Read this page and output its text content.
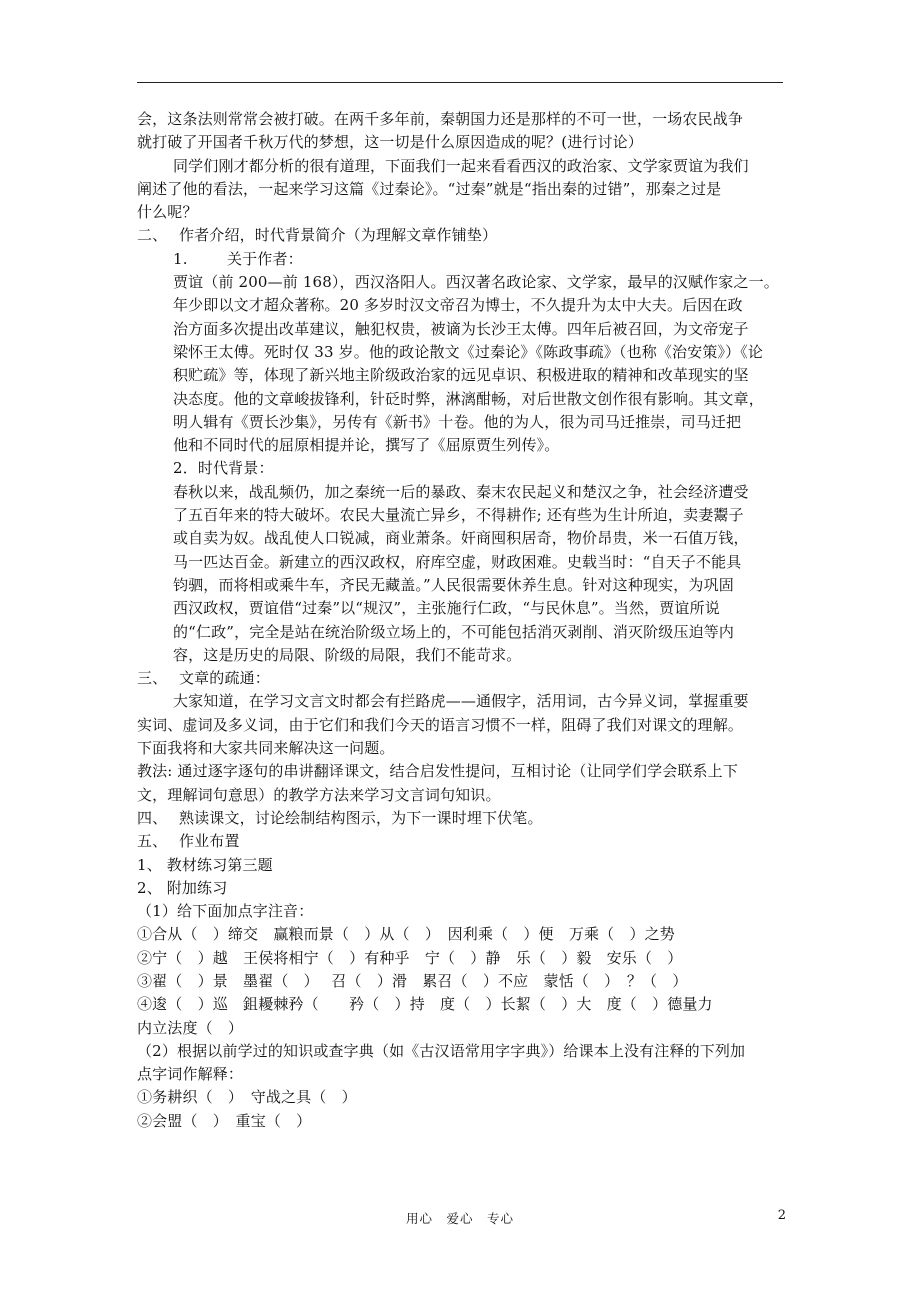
会，这条法则常常会被打破。在两千多年前，秦朝国力还是那样的不可一世，一场农民战争
就打破了开国者千秋万代的梦想，这一切是什么原因造成的呢？(进行讨论）
同学们刚才都分析的很有道理，下面我们一起来看看西汉的政治家、文学家贾谊为我们
阐述了他的看法，一起来学习这篇《过秦论》。“过秦”就是“指出秦的过错”，那秦之过是
什么呢？
二、 作者介绍，时代背景简介（为理解文章作铺垫）
1.	关于作者：
贾谊（前 200—前 168），西汉洛阳人。西汉著名政论家、文学家，最早的汉赋作家之一。
年少即以文才超众著称。20 多岁时汉文帝召为博士，不久提升为太中大夫。后因在政
治方面多次提出改革建议，触犯权贵，被谪为长沙王太傅。四年后被召回，为文帝宠子
梁怀王太傅。死时仅 33 岁。他的政论散文《过秦论》《陈政事疏》（也称《治安策》）《论
积贮疏》等，体现了新兴地主阶级政治家的远见卓识、积极进取的精神和改革现实的坚
决态度。他的文章峻拔锋利，针砭时弊，淋漓酣畅，对后世散文创作很有影响。其文章，
明人辑有《贾长沙集》，另传有《新书》十卷。他的为人，很为司马迁推崇，司马迁把
他和不同时代的屈原相提并论，撰写了《屈原贾生列传》。
2．时代背景：
春秋以来，战乱频仍，加之秦统一后的暴政、秦末农民起义和楚汉之争，社会经济遭受
了五百年来的特大破坏。农民大量流亡异乡，不得耕作; 还有些为生计所迫，卖妻鬻子
或自卖为奴。战乱使人口锐减，商业萧条。奸商囤积居奇，物价昂贵，米一石值万钱，
马一匹达百金。新建立的西汉政权，府库空虚，财政困难。史载当时：“自天子不能具
钧驷，而将相或乘牛车，齐民无藏盖。”人民很需要休养生息。针对这种现实，为巩固
西汉政权，贾谊借“过秦”以“规汉”，主张施行仁政，“与民休息”。当然，贾谊所说
的“仁政”，完全是站在统治阶级立场上的，不可能包括消灭剥削、消灭阶级压迫等内
容，这是历史的局限、阶级的局限，我们不能苛求。
三、 文章的疏通：
大家知道，在学习文言文时都会有拦路虎——通假字，活用词，古今异义词，掌握重要
实词、虚词及多义词，由于它们和我们今天的语言习惯不一样，阻碍了我们对课文的理解。
下面我将和大家共同来解决这一问题。
教法: 通过逐字逐句的串讲翻译课文，结合启发性提问，互相讨论（让同学们学会联系上下
文，理解词句意思）的教学方法来学习文言词句知识。
四、 熟读课文，讨论绘制结构图示，为下一课时埋下伏笔。
五、 作业布置
1、 教材练习第三题
2、 附加练习
（1）给下面加点字注音：
①合从（　）缔交　赢粮而景（　）从（　）　因利乘（　）便　万乘（　）之势
②宁（　）越　王侯将相宁（　）有种乎　宁（　）静　乐（　）毅　安乐（　）
③翟（　）景　墨翟（　）　 召（　）滑　累召（　）不应　蒙恬（　）　？（　）
④逡（　）巡　鉏耰棘矜（　　矜（　）持　度（　）长絜（　）大　度（　）德量力
内立法度（　）
（2）根据以前学过的知识或查字典（如《古汉语常用字字典》）给课本上没有注释的下列加
点字词作解释：
①务耕织（　）　守战之具（　）
②会盟（　）　重宝（　）
用心　爱心　专心	2
